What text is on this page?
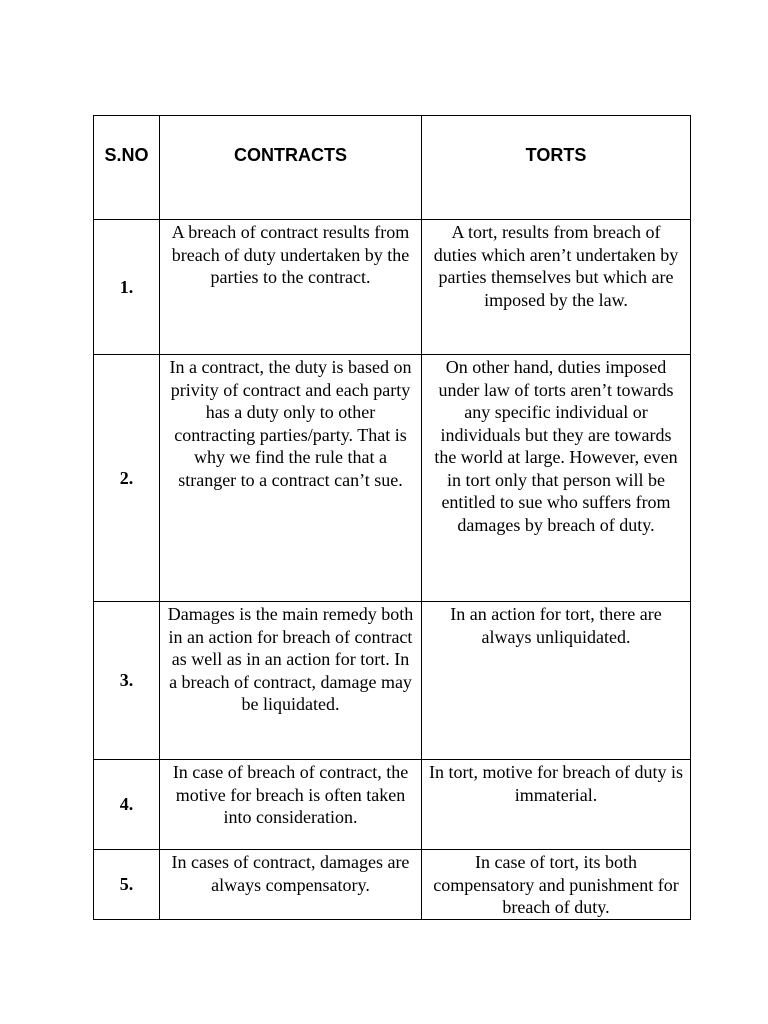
S.NO	CONTRACTS	TORTS
1.	A breach of contract results from breach of duty undertaken by the parties to the contract.	A tort, results from breach of duties which aren’t undertaken by parties themselves but which are imposed by the law.
2.	In a contract, the duty is based on privity of contract and each party has a duty only to other contracting parties/party. That is why we find the rule that a stranger to a contract can’t sue.	On other hand, duties imposed under law of torts aren’t towards any specific individual or individuals but they are towards the world at large. However, even in tort only that person will be entitled to sue who suffers from damages by breach of duty.
3.	Damages is the main remedy both in an action for breach of contract as well as in an action for tort. In a breach of contract, damage may be liquidated.	In an action for tort, there are always unliquidated.
4.	In case of breach of contract, the motive for breach is often taken into consideration.	In tort, motive for breach of duty is immaterial.
5.	In cases of contract, damages are always compensatory.	In case of tort, its both compensatory and punishment for breach of duty.
